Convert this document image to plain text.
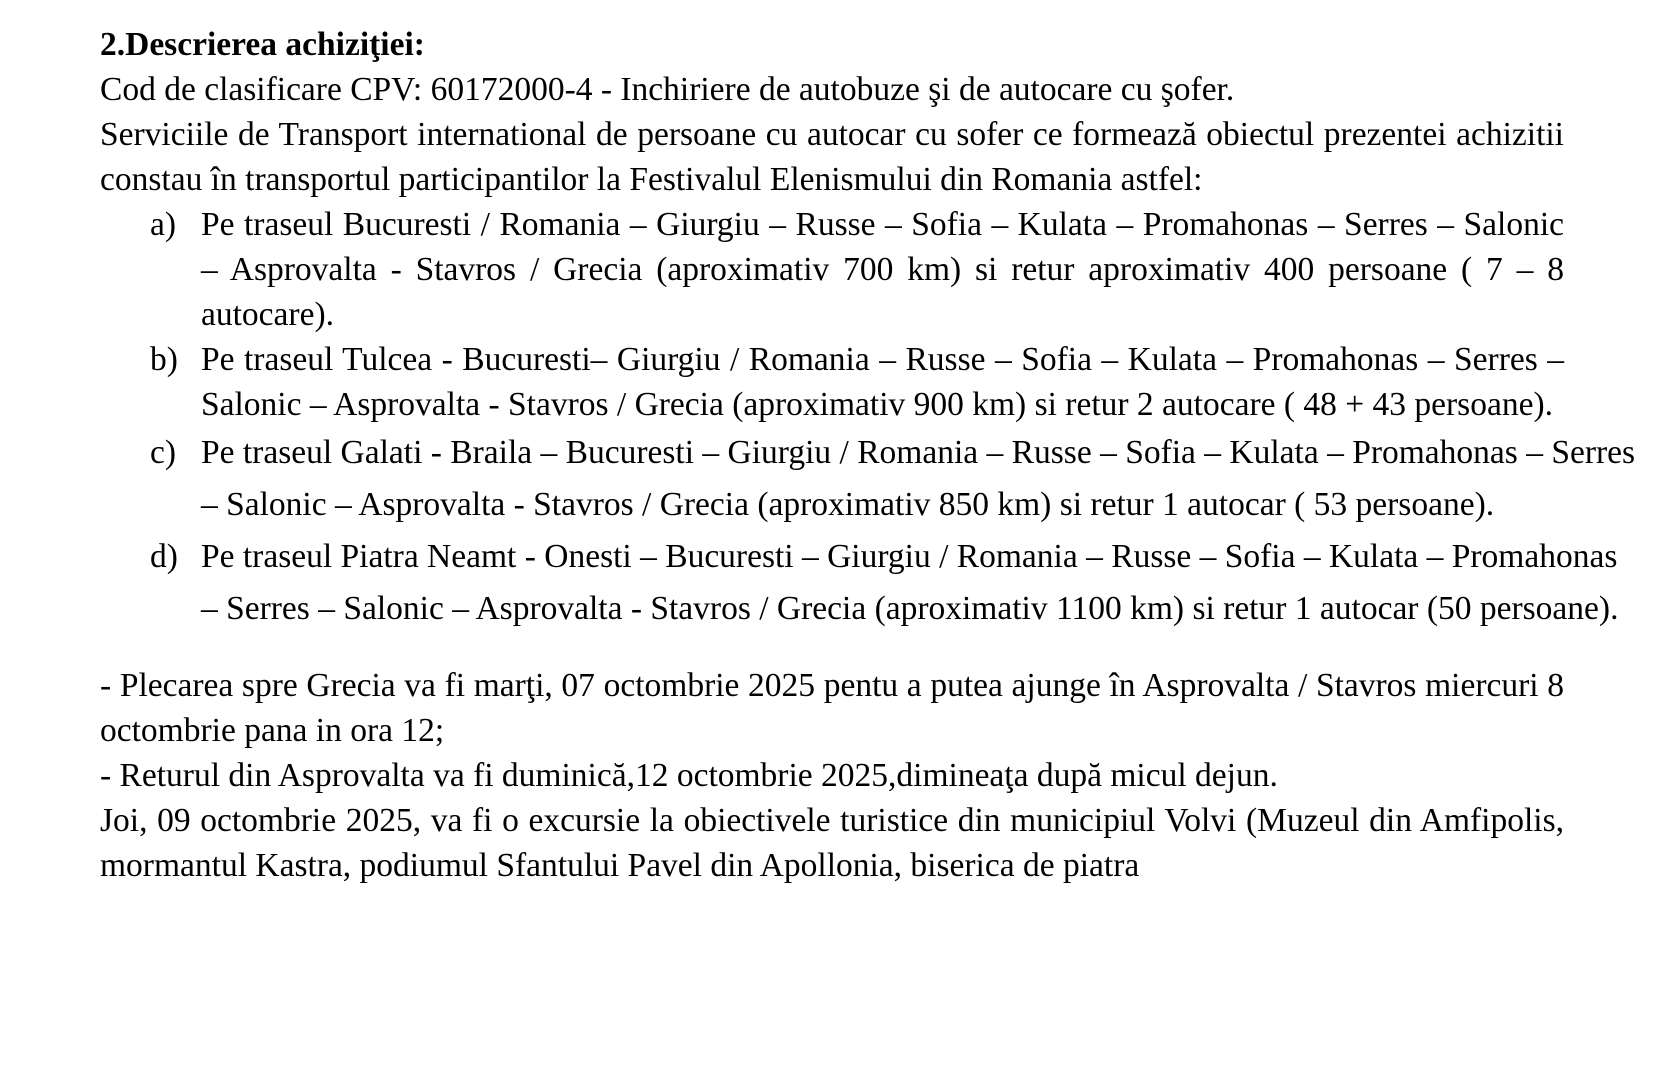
2.Descrierea achiziţiei:

Cod de clasificare CPV: 60172000-4 - Inchiriere de autobuze şi de autocare cu şofer.

Serviciile de Transport international de persoane cu autocar cu sofer ce formează obiectul prezentei achizitii constau în transportul participantilor la Festivalul Elenismului din Romania astfel:

a) Pe traseul Bucuresti / Romania – Giurgiu – Russe – Sofia – Kulata – Promahonas – Serres – Salonic – Asprovalta - Stavros / Grecia (aproximativ 700 km) si retur aproximativ 400 persoane ( 7 – 8 autocare).
b) Pe traseul Tulcea - Bucuresti– Giurgiu / Romania – Russe – Sofia – Kulata – Promahonas – Serres – Salonic – Asprovalta - Stavros / Grecia (aproximativ 900 km) si retur 2 autocare ( 48 + 43 persoane).
c) Pe traseul Galati - Braila – Bucuresti – Giurgiu / Romania – Russe – Sofia – Kulata – Promahonas – Serres – Salonic – Asprovalta - Stavros / Grecia (aproximativ 850 km) si retur 1 autocar ( 53 persoane).
d) Pe traseul Piatra Neamt - Onesti – Bucuresti – Giurgiu / Romania – Russe – Sofia – Kulata – Promahonas – Serres – Salonic – Asprovalta - Stavros / Grecia (aproximativ 1100 km) si retur 1 autocar (50 persoane).

- Plecarea spre Grecia va fi marţi, 07 octombrie 2025 pentu a putea ajunge în Asprovalta / Stavros miercuri 8 octombrie pana in ora 12;

- Returul din Asprovalta va fi duminică,12 octombrie 2025,dimineaţa după micul dejun.

Joi, 09 octombrie 2025, va fi o excursie la obiectivele turistice din municipiul Volvi (Muzeul din Amfipolis, mormantul Kastra, podiumul Sfantului Pavel din Apollonia, biserica de piatra
